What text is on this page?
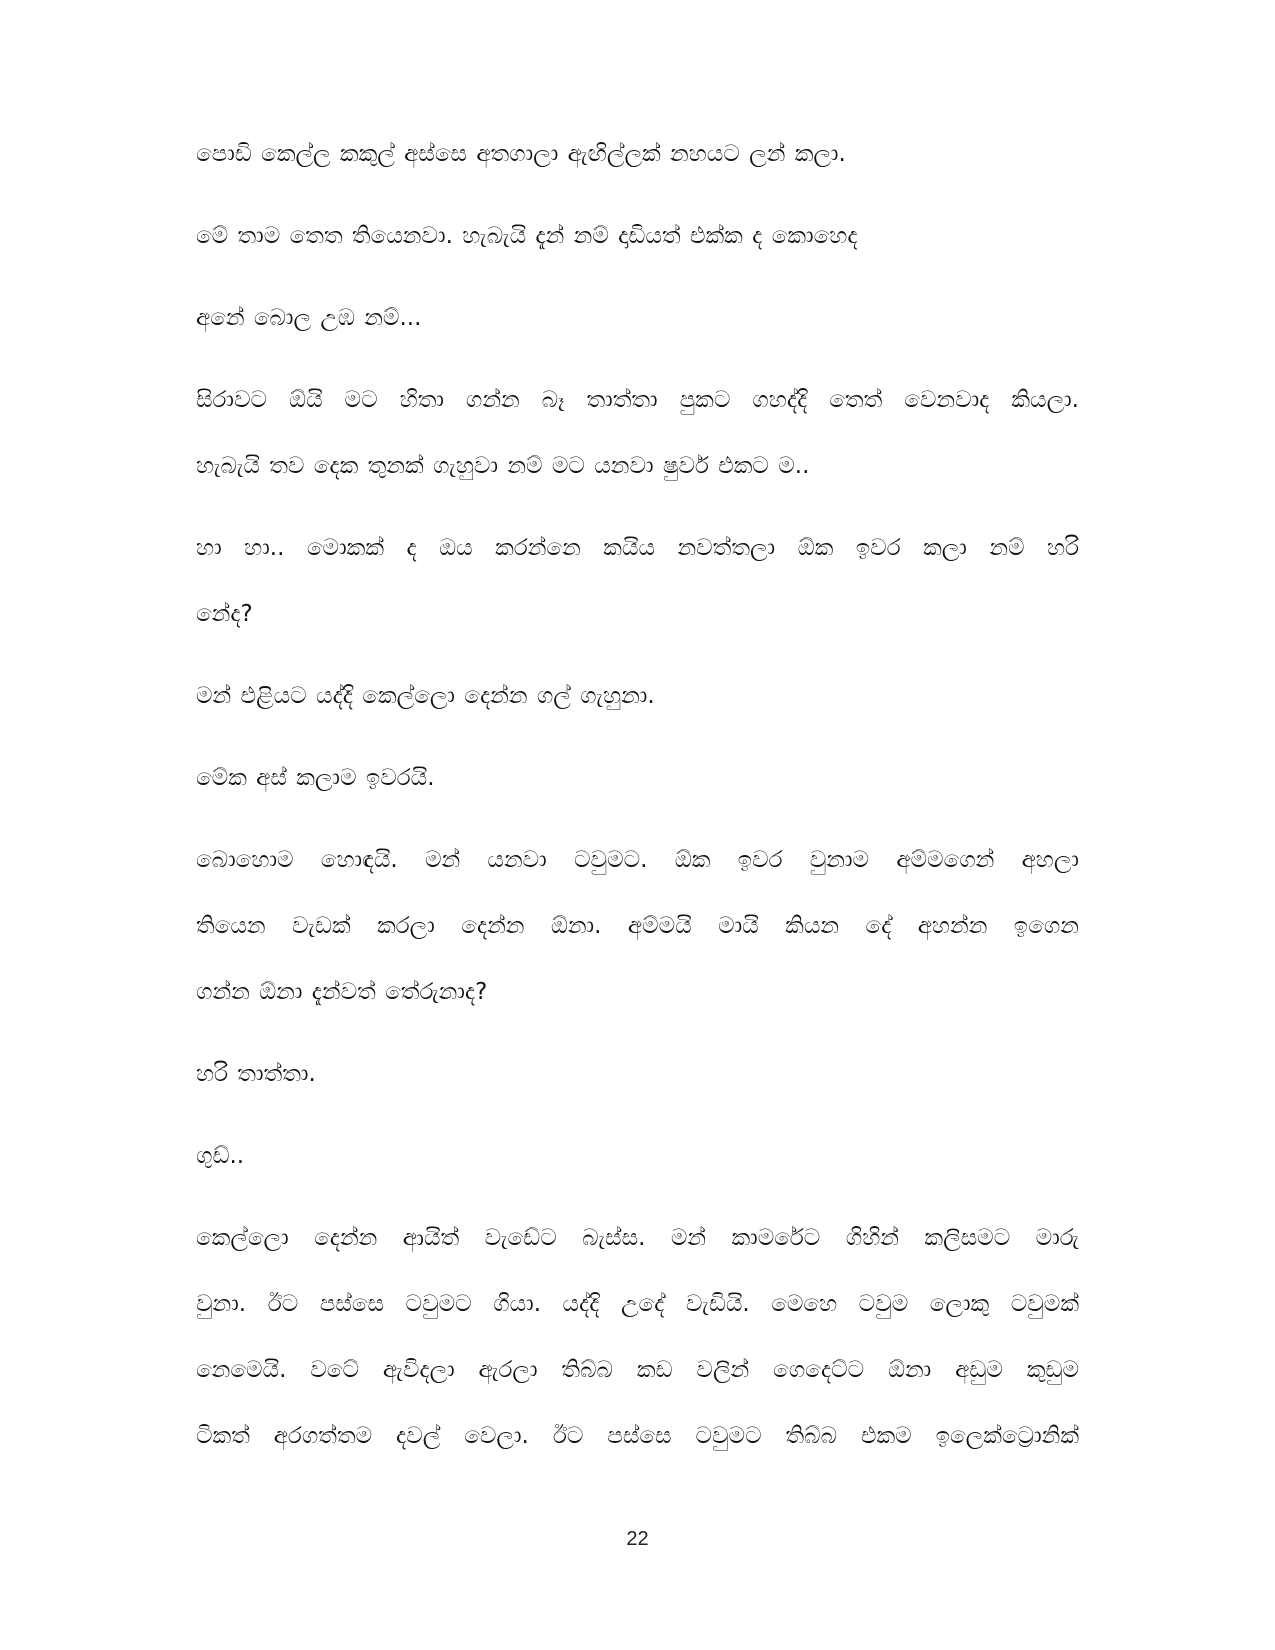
පොඩි කෙල්ල කකුල් අස්සෙ අතගාලා ඇඟිල්ලක් නහයට ලන් කලා.
මේ තාම තෙත තියෙනවා. හැබැයි දැන් නම් දාඩියත් එක්ක ද කොහෙද
අනේ බොල උඹ නම්...
සිරාවට ඕයි මට හිතා ගන්න බෑ තාත්තා පුකට ගහද්දි තෙත් වෙනවාද කියලා.
හැබැයි තව දෙක තුනක් ගැහුවා නම් මට යනවා ෂුවර් එකට ම..
හා හා.. මොකක් ද ඔය කරන්නෙ කයිය නවත්තලා ඕක ඉවර කලා නම් හරි
නේද?
මන් එළියට යද්දි කෙල්ලො දෙන්න ගල් ගැහුනා.
මේක අස් කලාම ඉවරයි.
බොහොම හොඳයි. මන් යනවා ටවුමට. ඕක ඉවර වුනාම අම්මගෙන් අහලා
තියෙන වැඩක් කරලා දෙන්න ඕනා. අම්මයි මායි කියන දේ අහන්න ඉගෙන
ගන්න ඕනා දැන්වත් තේරුනාද?
හරි තාත්තා.
ගුඩ්..
කෙල්ලො දෙන්න ආයිත් වැඩේට බැස්ස. මන් කාමරේට ගිහින් කලිසමට මාරු
වුනා. ඊට පස්සෙ ටවුමට ගියා. යද්දි උදේ වැඩියි. මෙහෙ ටවුම ලොකු ටවුමක්
නෙමෙයි. වටේ ඇවිදලා ඇරලා තිබ්බ කඩ වලින් ගෙදෙට්ට ඕනා අඩුම කුඩුම
ටිකත් අරගත්තම දවල් වෙලා. ඊට පස්සෙ ටවුමට තිබ්බ එකම ඉලෙක්ට්‍රොනික්
22
